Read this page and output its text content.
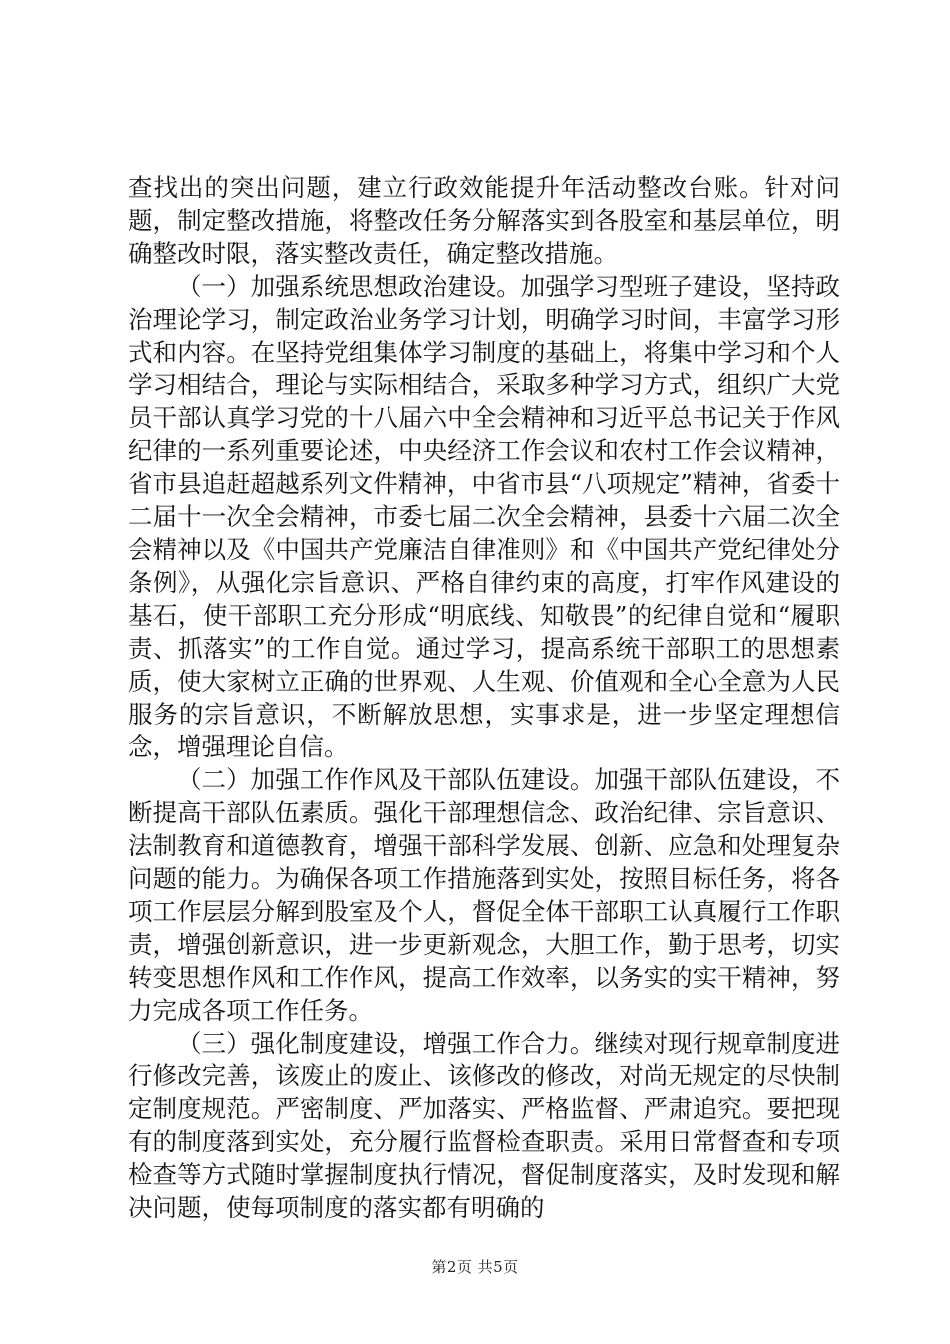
查找出的突出问题，建立行政效能提升年活动整改台账。针对问题，制定整改措施，将整改任务分解落实到各股室和基层单位，明确整改时限，落实整改责任，确定整改措施。

（一）加强系统思想政治建设。加强学习型班子建设，坚持政治理论学习，制定政治业务学习计划，明确学习时间，丰富学习形式和内容。在坚持党组集体学习制度的基础上，将集中学习和个人学习相结合，理论与实际相结合，采取多种学习方式，组织广大党员干部认真学习党的十八届六中全会精神和习近平总书记关于作风纪律的一系列重要论述，中央经济工作会议和农村工作会议精神，省市县追赶超越系列文件精神，中省市县“八项规定”精神，省委十二届十一次全会精神，市委七届二次全会精神，县委十六届二次全会精神以及《中国共产党廉洁自律准则》和《中国共产党纪律处分条例》，从强化宗旨意识、严格自律约束的高度，打牢作风建设的基石，使干部职工充分形成“明底线、知敬畏”的纪律自觉和“履职责、抓落实”的工作自觉。通过学习，提高系统干部职工的思想素质，使大家树立正确的世界观、人生观、价值观和全心全意为人民服务的宗旨意识，不断解放思想，实事求是，进一步坚定理想信念，增强理论自信。

（二）加强工作作风及干部队伍建设。加强干部队伍建设，不断提高干部队伍素质。强化干部理想信念、政治纪律、宗旨意识、法制教育和道德教育，增强干部科学发展、创新、应急和处理复杂问题的能力。为确保各项工作措施落到实处，按照目标任务，将各项工作层层分解到股室及个人，督促全体干部职工认真履行工作职责，增强创新意识，进一步更新观念，大胆工作，勤于思考，切实转变思想作风和工作作风，提高工作效率，以务实的实干精神，努力完成各项工作任务。

（三）强化制度建设，增强工作合力。继续对现行规章制度进行修改完善，该废止的废止、该修改的修改，对尚无规定的尽快制定制度规范。严密制度、严加落实、严格监督、严肃追究。要把现有的制度落到实处，充分履行监督检查职责。采用日常督查和专项检查等方式随时掌握制度执行情况，督促制度落实，及时发现和解决问题，使每项制度的落实都有明确的

第2页 共5页
